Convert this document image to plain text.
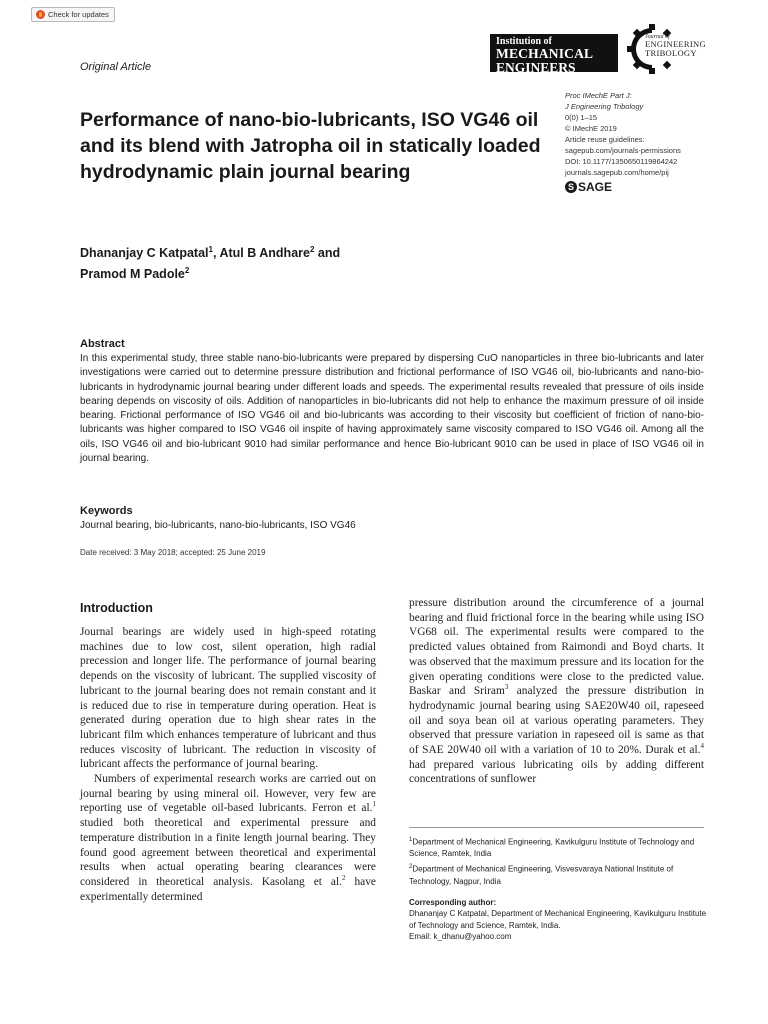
Check for updates
Original Article
Institution of
MECHANICAL
ENGINEERS
Journal of
ENGINEERING
TRIBOLOGY
Proc IMechE Part J:
J Engineering Tribology
0(0) 1–15
© IMechE 2019
Article reuse guidelines:
sagepub.com/journals-permissions
DOI: 10.1177/1350650119864242
journals.sagepub.com/home/pij
S SAGE
Performance of nano-bio-lubricants, ISO VG46 oil and its blend with Jatropha oil in statically loaded hydrodynamic plain journal bearing
Dhananjay C Katpatal$^1$, Atul B Andhare$^2$ and
Pramod M Padole$^2$
Abstract

In this experimental study, three stable nano-bio-lubricants were prepared by dispersing CuO nanoparticles in three bio-lubricants and later investigations were carried out to determine pressure distribution and frictional performance of ISO VG46 oil, bio-lubricants and nano-bio-lubricants in hydrodynamic journal bearing under different loads and speeds. The experimental results revealed that pressure of oils inside bearing depends on viscosity of oils. Addition of nanoparticles in bio-lubricants did not help to enhance the maximum pressure of oil inside bearing. Frictional performance of ISO VG46 oil and bio-lubricants was according to their viscosity but coefficient of friction of nano-bio-lubricants was higher compared to ISO VG46 oil inspite of having approximately same viscosity compared to ISO VG46 oil. Among all the oils, ISO VG46 oil and bio-lubricant 9010 had similar performance and hence Bio-lubricant 9010 can be used in place of ISO VG46 oil in journal bearing.

Keywords
Journal bearing, bio-lubricants, nano-bio-lubricants, ISO VG46
Date received: 3 May 2018; accepted: 25 June 2019
Introduction

Journal bearings are widely used in high-speed rotating machines due to low cost, silent operation, high radial precession and longer life. The performance of journal bearing depends on the viscosity of lubricant. The supplied viscosity of lubricant to the journal bearing does not remain constant and it is reduced due to rise in temperature during operation. Heat is generated during operation due to high shear rates in the lubricant film which enhances temperature of lubricant and thus reduces viscosity of lubricant. The reduction in viscosity of lubricant affects the performance of journal bearing.

Numbers of experimental research works are carried out on journal bearing by using mineral oil. However, very few are reporting use of vegetable oil-based lubricants. Ferron et al.$^1$ studied both theoretical and experimental pressure and temperature distribution in a finite length journal bearing. They found good agreement between theoretical and experimental results when actual operating bearing clearances were considered in theoretical analysis. Kasolang et al.$^2$ have experimentally determined

pressure distribution around the circumference of a journal bearing and fluid frictional force in the bearing while using ISO VG68 oil. The experimental results were compared to the predicted values obtained from Raimondi and Boyd charts. It was observed that the maximum pressure and its location for the given operating conditions were close to the predicted value. Baskar and Sriram$^3$ analyzed the pressure distribution in hydrodynamic journal bearing using SAE20W40 oil, rapeseed oil and soya bean oil at various operating parameters. They observed that pressure variation in rapeseed oil is same as that of SAE 20W40 oil with a variation of 10 to 20%. Durak et al.$^4$ had prepared various lubricating oils by adding different concentrations of sunflower

$^1$Department of Mechanical Engineering, Kavikulguru Institute of Technology and Science, Ramtek, India
$^2$Department of Mechanical Engineering, Visvesvaraya National Institute of Technology, Nagpur, India
Corresponding author:
Dhananjay C Katpatal, Department of Mechanical Engineering, Kavikulguru Institute of Technology and Science, Ramtek, India.
Email: k_dhanu@yahoo.com
